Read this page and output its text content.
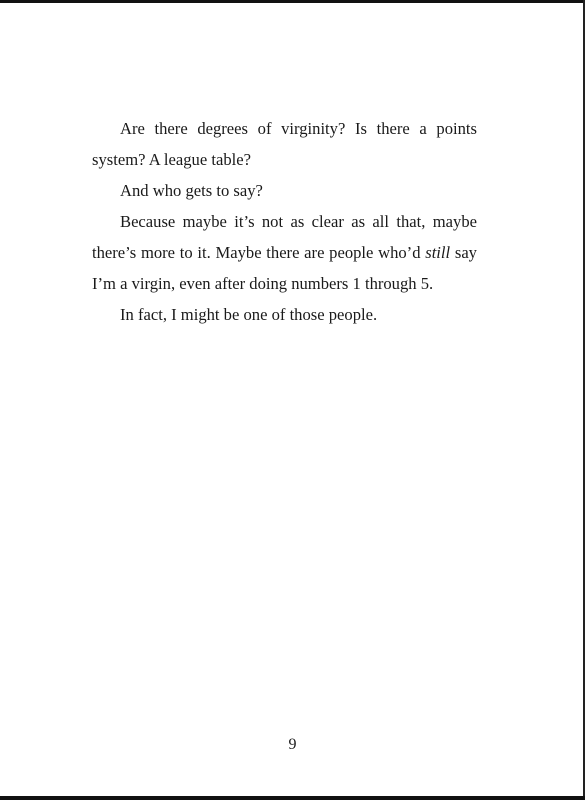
Are there degrees of virginity? Is there a points system? A league table?

And who gets to say?

Because maybe it’s not as clear as all that, maybe there’s more to it. Maybe there are people who’d still say I’m a virgin, even after doing numbers 1 through 5.

In fact, I might be one of those people.

9
